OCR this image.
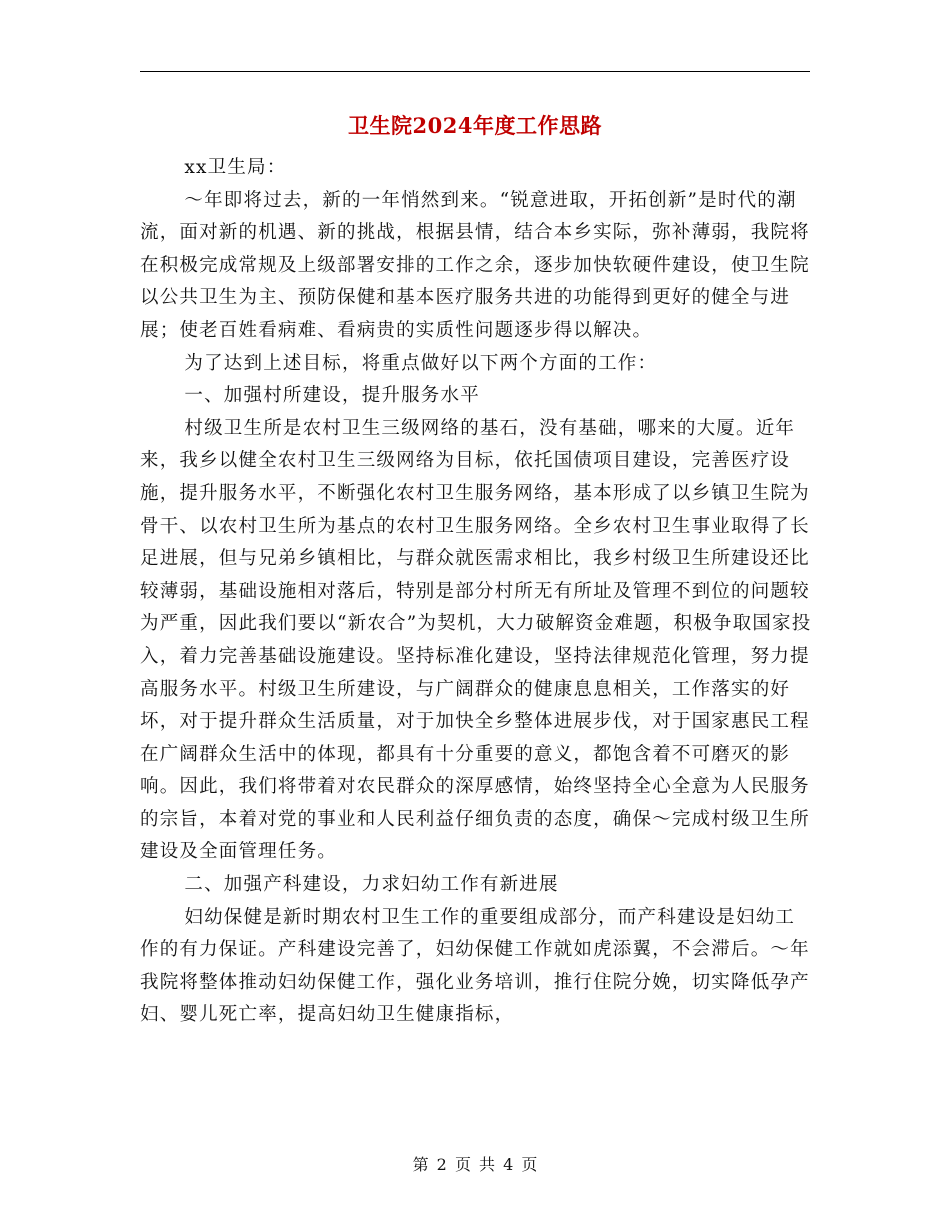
卫生院2024年度工作思路

xx卫生局：

～年即将过去，新的一年悄然到来。“锐意进取，开拓创新”是时代的潮流，面对新的机遇、新的挑战，根据县情，结合本乡实际，弥补薄弱，我院将在积极完成常规及上级部署安排的工作之余，逐步加快软硬件建设，使卫生院以公共卫生为主、预防保健和基本医疗服务共进的功能得到更好的健全与进展；使老百姓看病难、看病贵的实质性问题逐步得以解决。

为了达到上述目标，将重点做好以下两个方面的工作：

一、加强村所建设，提升服务水平

村级卫生所是农村卫生三级网络的基石，没有基础，哪来的大厦。近年来，我乡以健全农村卫生三级网络为目标，依托国债项目建设，完善医疗设施，提升服务水平，不断强化农村卫生服务网络，基本形成了以乡镇卫生院为骨干、以农村卫生所为基点的农村卫生服务网络。全乡农村卫生事业取得了长足进展，但与兄弟乡镇相比，与群众就医需求相比，我乡村级卫生所建设还比较薄弱，基础设施相对落后，特别是部分村所无有所址及管理不到位的问题较为严重，因此我们要以“新农合”为契机，大力破解资金难题，积极争取国家投入，着力完善基础设施建设。坚持标准化建设，坚持法律规范化管理，努力提高服务水平。村级卫生所建设，与广阔群众的健康息息相关，工作落实的好坏，对于提升群众生活质量，对于加快全乡整体进展步伐，对于国家惠民工程在广阔群众生活中的体现，都具有十分重要的意义，都饱含着不可磨灭的影响。因此，我们将带着对农民群众的深厚感情，始终坚持全心全意为人民服务的宗旨，本着对党的事业和人民利益仔细负责的态度，确保～完成村级卫生所建设及全面管理任务。

二、加强产科建设，力求妇幼工作有新进展

妇幼保健是新时期农村卫生工作的重要组成部分，而产科建设是妇幼工作的有力保证。产科建设完善了，妇幼保健工作就如虎添翼，不会滞后。～年我院将整体推动妇幼保健工作，强化业务培训，推行住院分娩，切实降低孕产妇、婴儿死亡率，提高妇幼卫生健康指标，

第 2 页 共 4 页
